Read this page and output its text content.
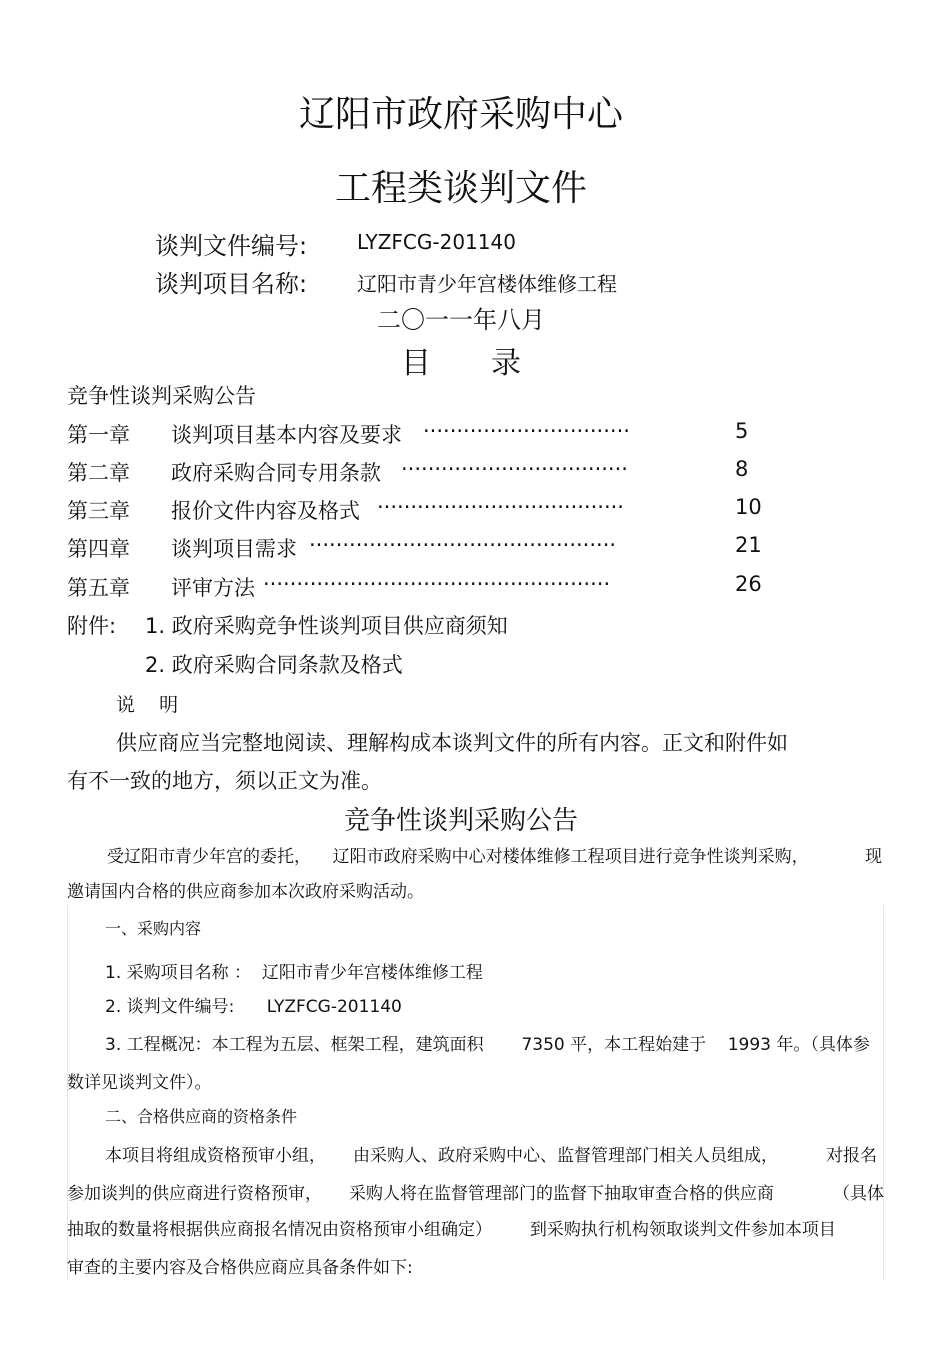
辽阳市政府采购中心
工程类谈判文件
谈判文件编号: LYZFCG-201140
谈判项目名称: 辽阳市青少年宫楼体维修工程
二〇一一年八月
目 录
竞争性谈判采购公告
第一章 谈判项目基本内容及要求 ·······························	5
第二章 政府采购合同专用条款 ··································	8
第三章 报价文件内容及格式 ·····································	10
第四章 谈判项目需求 ··············································	21
第五章 评审方法 ····················································	26
附件: 1. 政府采购竞争性谈判项目供应商须知
2. 政府采购合同条款及格式
说    明
供应商应当完整地阅读、理解构成本谈判文件的所有内容。正文和附件如
有不一致的地方，须以正文为准。
竞争性谈判采购公告
受辽阳市青少年宫的委托，    辽阳市政府采购中心对楼体维修工程项目进行竞争性谈判采购，	现
邀请国内合格的供应商参加本次政府采购活动。
一、采购内容
1. 采购项目名称 ：  辽阳市青少年宫楼体维修工程
2. 谈判文件编号:      LYZFCG-201140
3. 工程概况：本工程为五层、框架工程，建筑面积       7350 平，本工程始建于    1993 年。（具体参
数详见谈判文件）。
二、合格供应商的资格条件
本项目将组成资格预审小组，     由采购人、政府采购中心、监督管理部门相关人员组成，	对报名
参加谈判的供应商进行资格预审，     采购人将在监督管理部门的监督下抽取审查合格的供应商	（具体
抽取的数量将根据供应商报名情况由资格预审小组确定）       到采购执行机构领取谈判文件参加本项目
审查的主要内容及合格供应商应具备条件如下:
